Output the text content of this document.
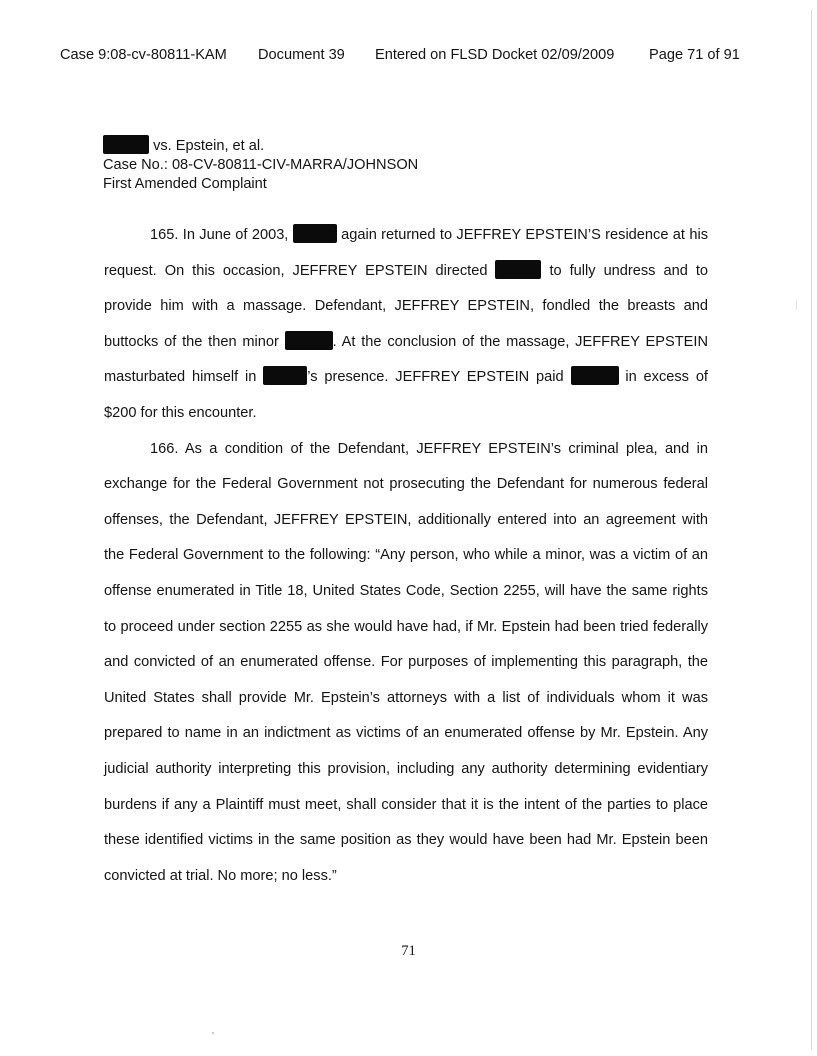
Case 9:08-cv-80811-KAM Document 39 Entered on FLSD Docket 02/09/2009 Page 71 of 91
vs. Epstein, et al.
Case No.: 08-CV-80811-CIV-MARRA/JOHNSON
First Amended Complaint

165. In June of 2003,	again returned to JEFFREY EPSTEIN’S residence at his request. On this occasion, JEFFREY EPSTEIN directed	to fully undress and to provide him with a massage. Defendant, JEFFREY EPSTEIN, fondled the breasts and buttocks of the then minor	. At the conclusion of the massage, JEFFREY EPSTEIN masturbated himself in	’s presence. JEFFREY EPSTEIN paid	in excess of $200 for this encounter.

166. As a condition of the Defendant, JEFFREY EPSTEIN’s criminal plea, and in exchange for the Federal Government not prosecuting the Defendant for numerous federal offenses, the Defendant, JEFFREY EPSTEIN, additionally entered into an agreement with the Federal Government to the following: “Any person, who while a minor, was a victim of an offense enumerated in Title 18, United States Code, Section 2255, will have the same rights to proceed under section 2255 as she would have had, if Mr. Epstein had been tried federally and convicted of an enumerated offense. For purposes of implementing this paragraph, the United States shall provide Mr. Epstein’s attorneys with a list of individuals whom it was prepared to name in an indictment as victims of an enumerated offense by Mr. Epstein. Any judicial authority interpreting this provision, including any authority determining evidentiary burdens if any a Plaintiff must meet, shall consider that it is the intent of the parties to place these identified victims in the same position as they would have been had Mr. Epstein been convicted at trial. No more; no less.”

71
